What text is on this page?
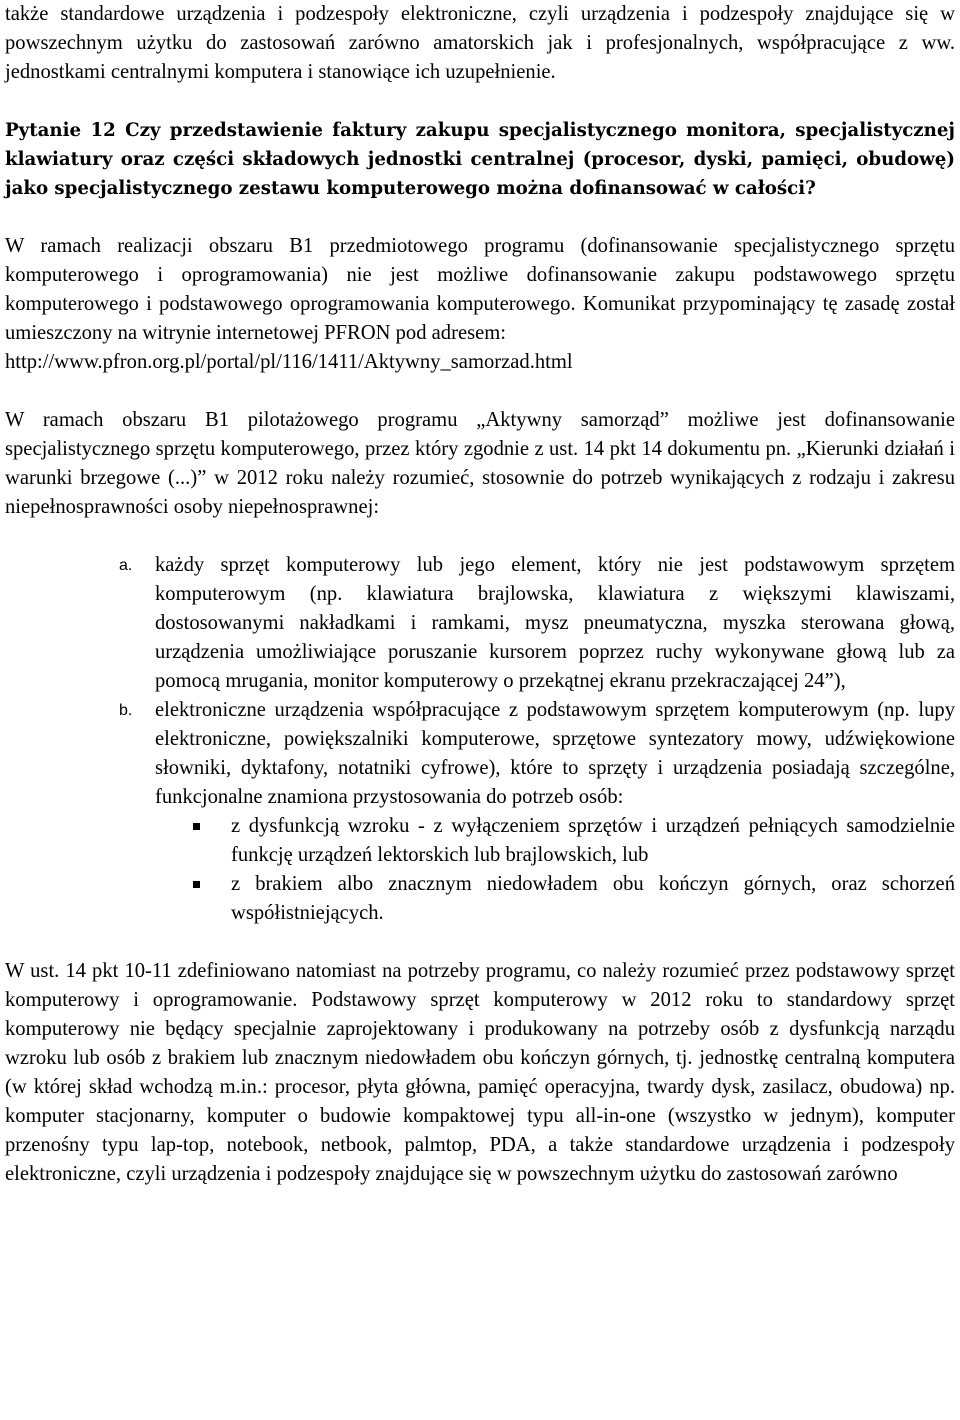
także standardowe urządzenia i podzespoły elektroniczne, czyli urządzenia i podzespoły znajdujące się w powszechnym użytku do zastosowań zarówno amatorskich jak i profesjonalnych, współpracujące z ww. jednostkami centralnymi komputera i stanowiące ich uzupełnienie.

Pytanie 12 Czy przedstawienie faktury zakupu specjalistycznego monitora, specjalistycznej klawiatury oraz części składowych jednostki centralnej (procesor, dyski, pamięci, obudowę) jako specjalistycznego zestawu komputerowego można dofinansować w całości?

W ramach realizacji obszaru B1 przedmiotowego programu (dofinansowanie specjalistycznego sprzętu komputerowego i oprogramowania) nie jest możliwe dofinansowanie zakupu podstawowego sprzętu komputerowego i podstawowego oprogramowania komputerowego. Komunikat przypominający tę zasadę został umieszczony na witrynie internetowej PFRON pod adresem:

http://www.pfron.org.pl/portal/pl/116/1411/Aktywny_samorzad.html

W ramach obszaru B1 pilotażowego programu „Aktywny samorząd” możliwe jest dofinansowanie specjalistycznego sprzętu komputerowego, przez który zgodnie z ust. 14 pkt 14 dokumentu pn. „Kierunki działań i warunki brzegowe (...)” w 2012 roku należy rozumieć, stosownie do potrzeb wynikających z rodzaju i zakresu niepełnosprawności osoby niepełnosprawnej:

a. każdy sprzęt komputerowy lub jego element, który nie jest podstawowym sprzętem komputerowym (np. klawiatura brajlowska, klawiatura z większymi klawiszami, dostosowanymi nakładkami i ramkami, mysz pneumatyczna, myszka sterowana głową, urządzenia umożliwiające poruszanie kursorem poprzez ruchy wykonywane głową lub za pomocą mrugania, monitor komputerowy o przekątnej ekranu przekraczającej 24”),

b. elektroniczne urządzenia współpracujące z podstawowym sprzętem komputerowym (np. lupy elektroniczne, powiększalniki komputerowe, sprzętowe syntezatory mowy, udźwiękowione słowniki, dyktafony, notatniki cyfrowe), które to sprzęty i urządzenia posiadają szczególne, funkcjonalne znamiona przystosowania do potrzeb osób:

z dysfunkcją wzroku - z wyłączeniem sprzętów i urządzeń pełniących samodzielnie funkcję urządzeń lektorskich lub brajlowskich, lub

z brakiem albo znacznym niedowładem obu kończyn górnych, oraz schorzeń współistniejących.

W ust. 14 pkt 10-11 zdefiniowano natomiast na potrzeby programu, co należy rozumieć przez podstawowy sprzęt komputerowy i oprogramowanie. Podstawowy sprzęt komputerowy w 2012 roku to standardowy sprzęt komputerowy nie będący specjalnie zaprojektowany i produkowany na potrzeby osób z dysfunkcją narządu wzroku lub osób z brakiem lub znacznym niedowładem obu kończyn górnych, tj. jednostkę centralną komputera (w której skład wchodzą m.in.: procesor, płyta główna, pamięć operacyjna, twardy dysk, zasilacz, obudowa) np. komputer stacjonarny, komputer o budowie kompaktowej typu all-in-one (wszystko w jednym), komputer przenośny typu lap-top, notebook, netbook, palmtop, PDA, a także standardowe urządzenia i podzespoły elektroniczne, czyli urządzenia i podzespoły znajdujące się w powszechnym użytku do zastosowań zarówno
